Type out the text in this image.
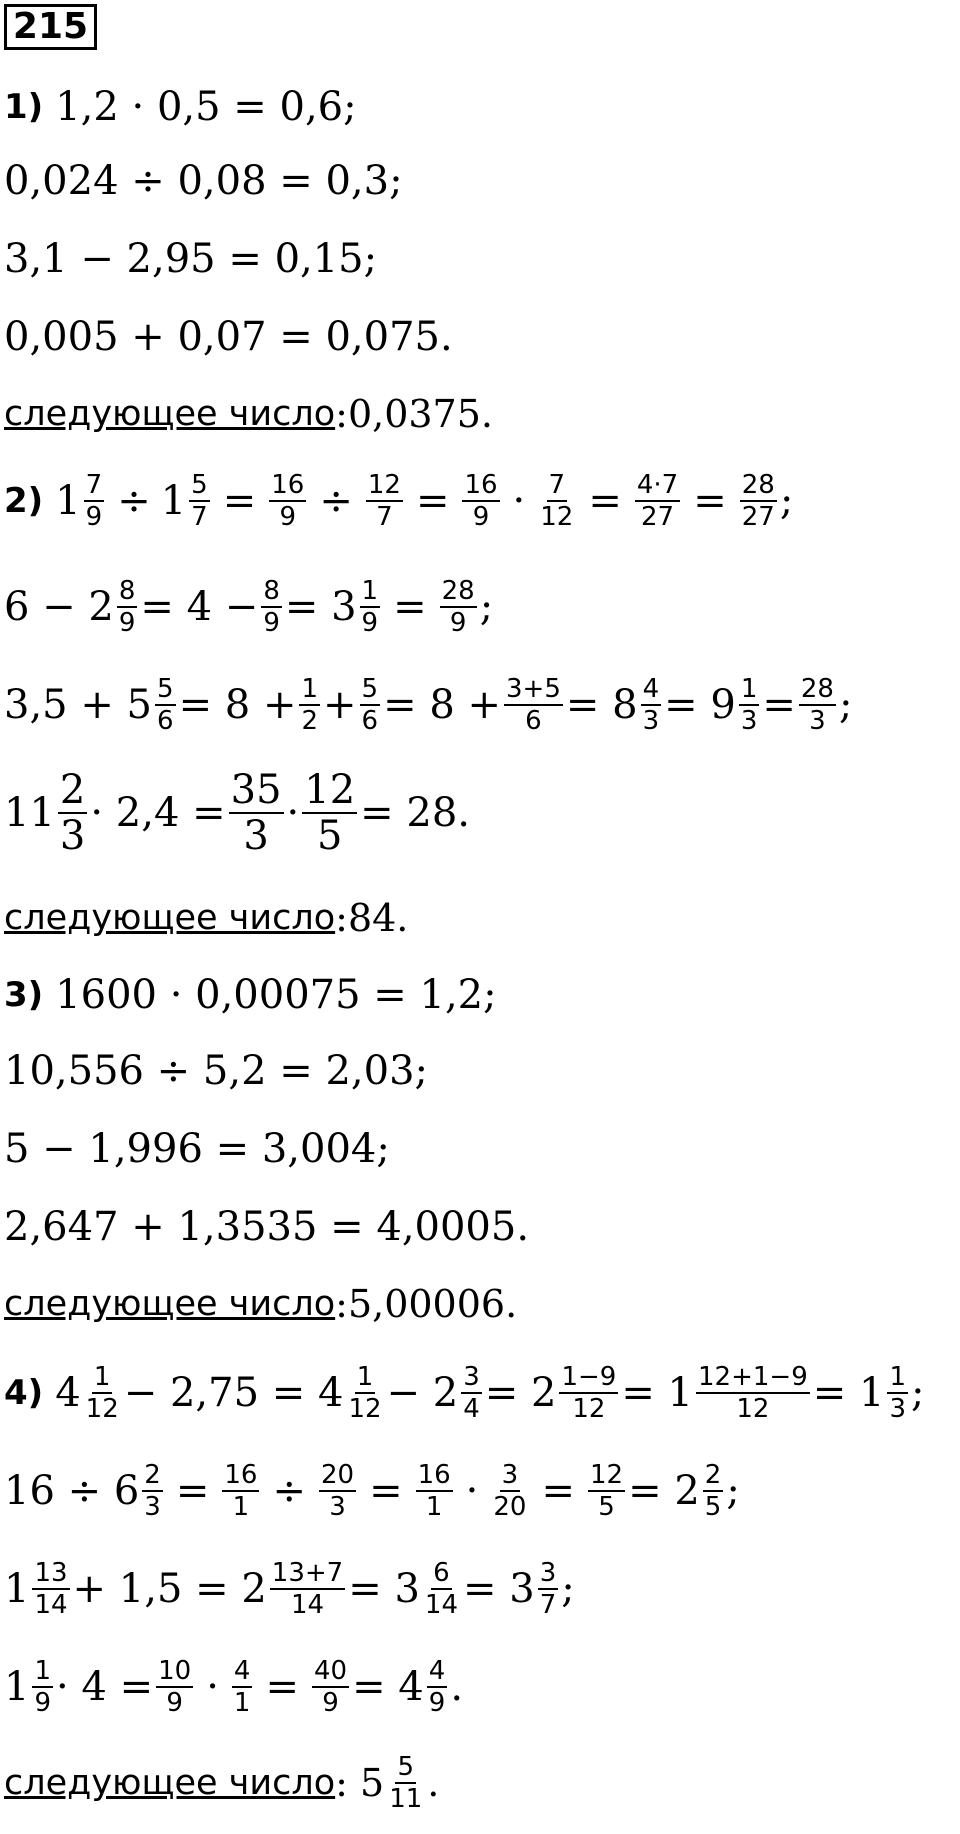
215
1) 1,2 · 0,5 = 0,6;
0,024 ÷ 0,08 = 0,3;
3,1 − 2,95 = 0,15;
0,005 + 0,07 = 0,075.
следующее число :0,0375.
2) $1 \frac{7}{9} \div 1 \frac{5}{7} = \frac{16}{9} \div \frac{12}{7} = \frac{16}{9} \cdot \frac{7}{12} = \frac{4\cdot 7}{27} = \frac{28}{27}$ ;
$6 - 2 \frac{8}{9} = 4 - \frac{8}{9} = 3 \frac{1}{9} = \frac{28}{9}$ ;
$3,5 + 5 \frac{5}{6} = 8 + \frac{1}{2} + \frac{5}{6} = 8 + \frac{3+5}{6} = 8 \frac{4}{3} = 9 \frac{1}{3} = \frac{28}{3}$ ;
$11 \frac{2}{3} \cdot 2,4 = \frac{35}{3} \cdot \frac{12}{5} = 28$.
следующее число :84.
3) 1600 · 0,00075 = 1,2;
10,556 ÷ 5,2 = 2,03;
5 − 1,996 = 3,004;
2,647 + 1,3535 = 4,0005.
следующее число :5,00006.
4) $4 \frac{1}{12} - 2,75 = 4 \frac{1}{12} - 2 \frac{3}{4} = 2 \frac{1-9}{12} = 1 \frac{12+1-9}{12} = 1 \frac{1}{3}$ ;
$16 \div 6 \frac{2}{3} = \frac{16}{1} \div \frac{20}{3} = \frac{16}{1} \cdot \frac{3}{20} = \frac{12}{5} = 2 \frac{2}{5}$ ;
$1 \frac{13}{14} + 1,5 = 2 \frac{13+7}{14} = 3 \frac{6}{14} = 3 \frac{3}{7}$ ;
$1 \frac{1}{9} \cdot 4 = \frac{10}{9} \cdot \frac{4}{1} = \frac{40}{9} = 4 \frac{4}{9}$ .
следующее число : $5 \frac{5}{11}$ .
